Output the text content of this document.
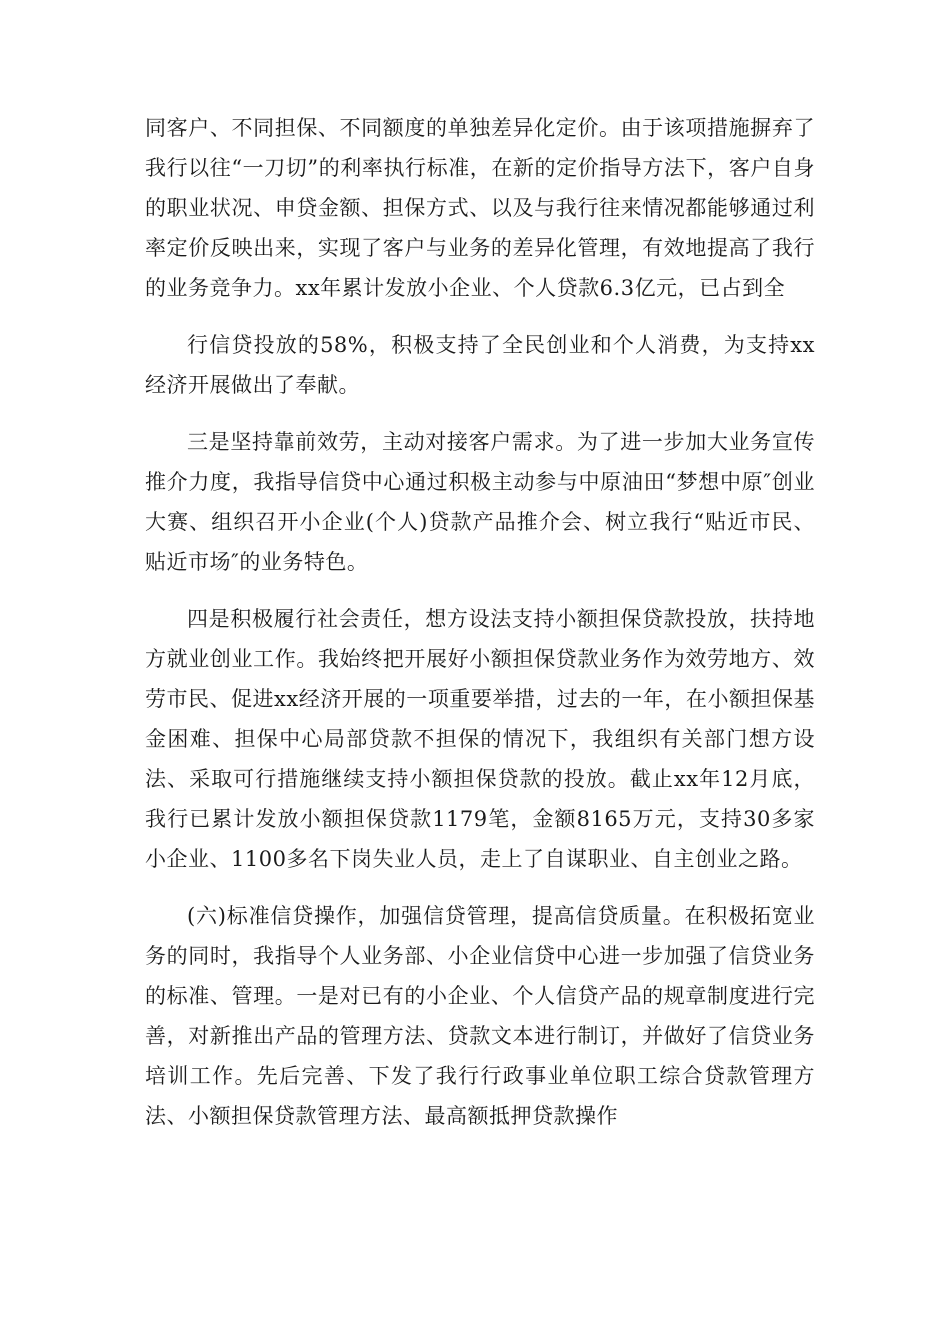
同客户、不同担保、不同额度的单独差异化定价。由于该项措施摒弃了我行以往“一刀切”的利率执行标准，在新的定价指导方法下，客户自身的职业状况、申贷金额、担保方式、以及与我行往来情况都能够通过利率定价反映出来，实现了客户与业务的差异化管理，有效地提高了我行的业务竞争力。xx年累计发放小企业、个人贷款6.3亿元，已占到全

行信贷投放的58%，积极支持了全民创业和个人消费，为支持xx经济开展做出了奉献。

三是坚持靠前效劳，主动对接客户需求。为了进一步加大业务宣传推介力度，我指导信贷中心通过积极主动参与中原油田“梦想中原″创业大赛、组织召开小企业(个人)贷款产品推介会、树立我行“贴近市民、贴近市场″的业务特色。

四是积极履行社会责任，想方设法支持小额担保贷款投放，扶持地方就业创业工作。我始终把开展好小额担保贷款业务作为效劳地方、效劳市民、促进xx经济开展的一项重要举措，过去的一年，在小额担保基金困难、担保中心局部贷款不担保的情况下，我组织有关部门想方设法、采取可行措施继续支持小额担保贷款的投放。截止xx年12月底，我行已累计发放小额担保贷款1179笔，金额8165万元，支持30多家小企业、1100多名下岗失业人员，走上了自谋职业、自主创业之路。

(六)标准信贷操作，加强信贷管理，提高信贷质量。在积极拓宽业务的同时，我指导个人业务部、小企业信贷中心进一步加强了信贷业务的标准、管理。一是对已有的小企业、个人信贷产品的规章制度进行完善，对新推出产品的管理方法、贷款文本进行制订，并做好了信贷业务培训工作。先后完善、下发了我行行政事业单位职工综合贷款管理方法、小额担保贷款管理方法、最高额抵押贷款操作
